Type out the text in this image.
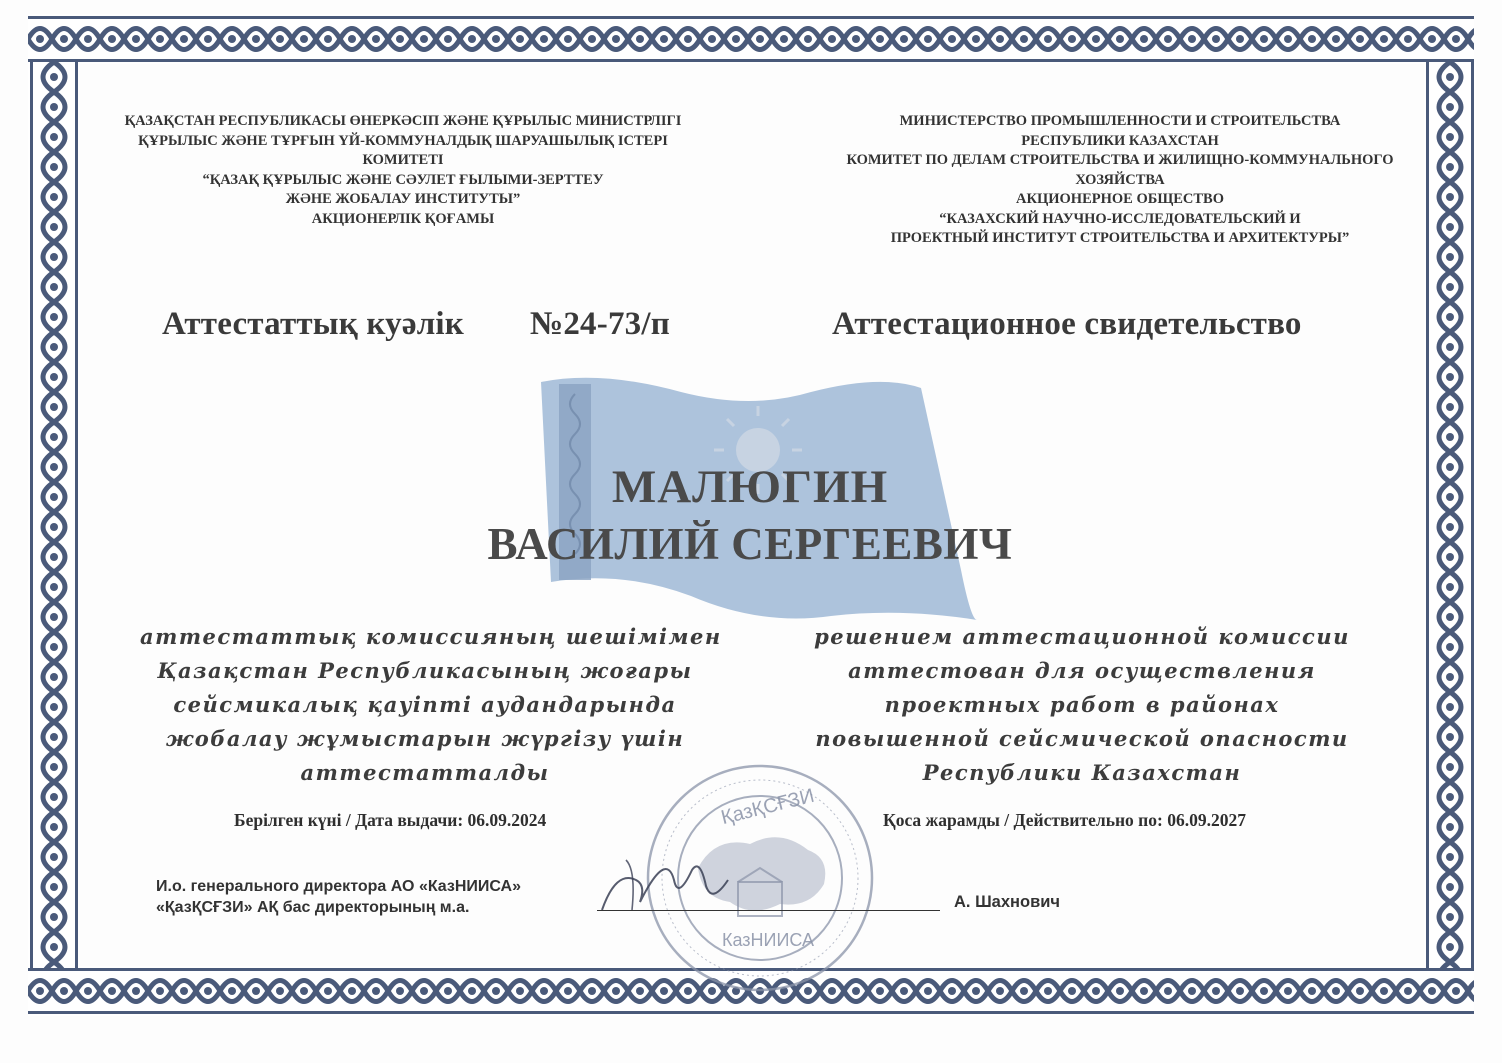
ҚАЗАҚСТАН РЕСПУБЛИКАСЫ ӨНЕРКӘСІП ЖӘНЕ ҚҰРЫЛЫС МИНИСТРЛІГІ
ҚҰРЫЛЫС ЖӘНЕ ТҰРҒЫН ҮЙ-КОММУНАЛДЫҚ ШАРУАШЫЛЫҚ ІСТЕРІ
КОМИТЕТІ
“ҚАЗАҚ ҚҰРЫЛЫС ЖӘНЕ СӘУЛЕТ ҒЫЛЫМИ-ЗЕРТТЕУ
ЖӘНЕ ЖОБАЛАУ ИНСТИТУТЫ”
АКЦИОНЕРЛІК ҚОҒАМЫ
МИНИСТЕРСТВО ПРОМЫШЛЕННОСТИ И СТРОИТЕЛЬСТВА
РЕСПУБЛИКИ КАЗАХСТАН
КОМИТЕТ ПО ДЕЛАМ СТРОИТЕЛЬСТВА И ЖИЛИЩНО-КОММУНАЛЬНОГО
ХОЗЯЙСТВА
АКЦИОНЕРНОЕ ОБЩЕСТВО
“КАЗАХСКИЙ НАУЧНО-ИССЛЕДОВАТЕЛЬСКИЙ И
ПРОЕКТНЫЙ ИНСТИТУТ СТРОИТЕЛЬСТВА И АРХИТЕКТУРЫ”
Аттестаттық куәлік №24-73/п	Аттестационное свидетельство
МАЛЮГИН
ВАСИЛИЙ СЕРГЕЕВИЧ
аттестаттық комиссияның шешімімен
Қазақстан Республикасының жоғары
сейсмикалық қауіпті аудандарында
жобалау жұмыстарын жүргізу үшін
аттестатталды
решением аттестационной комиссии
аттестован для осуществления
проектных работ в районах
повышенной сейсмической опасности
Республики Казахстан
Берілген күні / Дата выдачи: 06.09.2024	Қоса жарамды / Действительно по: 06.09.2027
ҚазҚСҒЗИ
КазНИИСА
И.о. генерального директора АО «КазНИИСА»
«ҚазҚСҒЗИ» АҚ бас директорының м.а.	А. Шахнович
